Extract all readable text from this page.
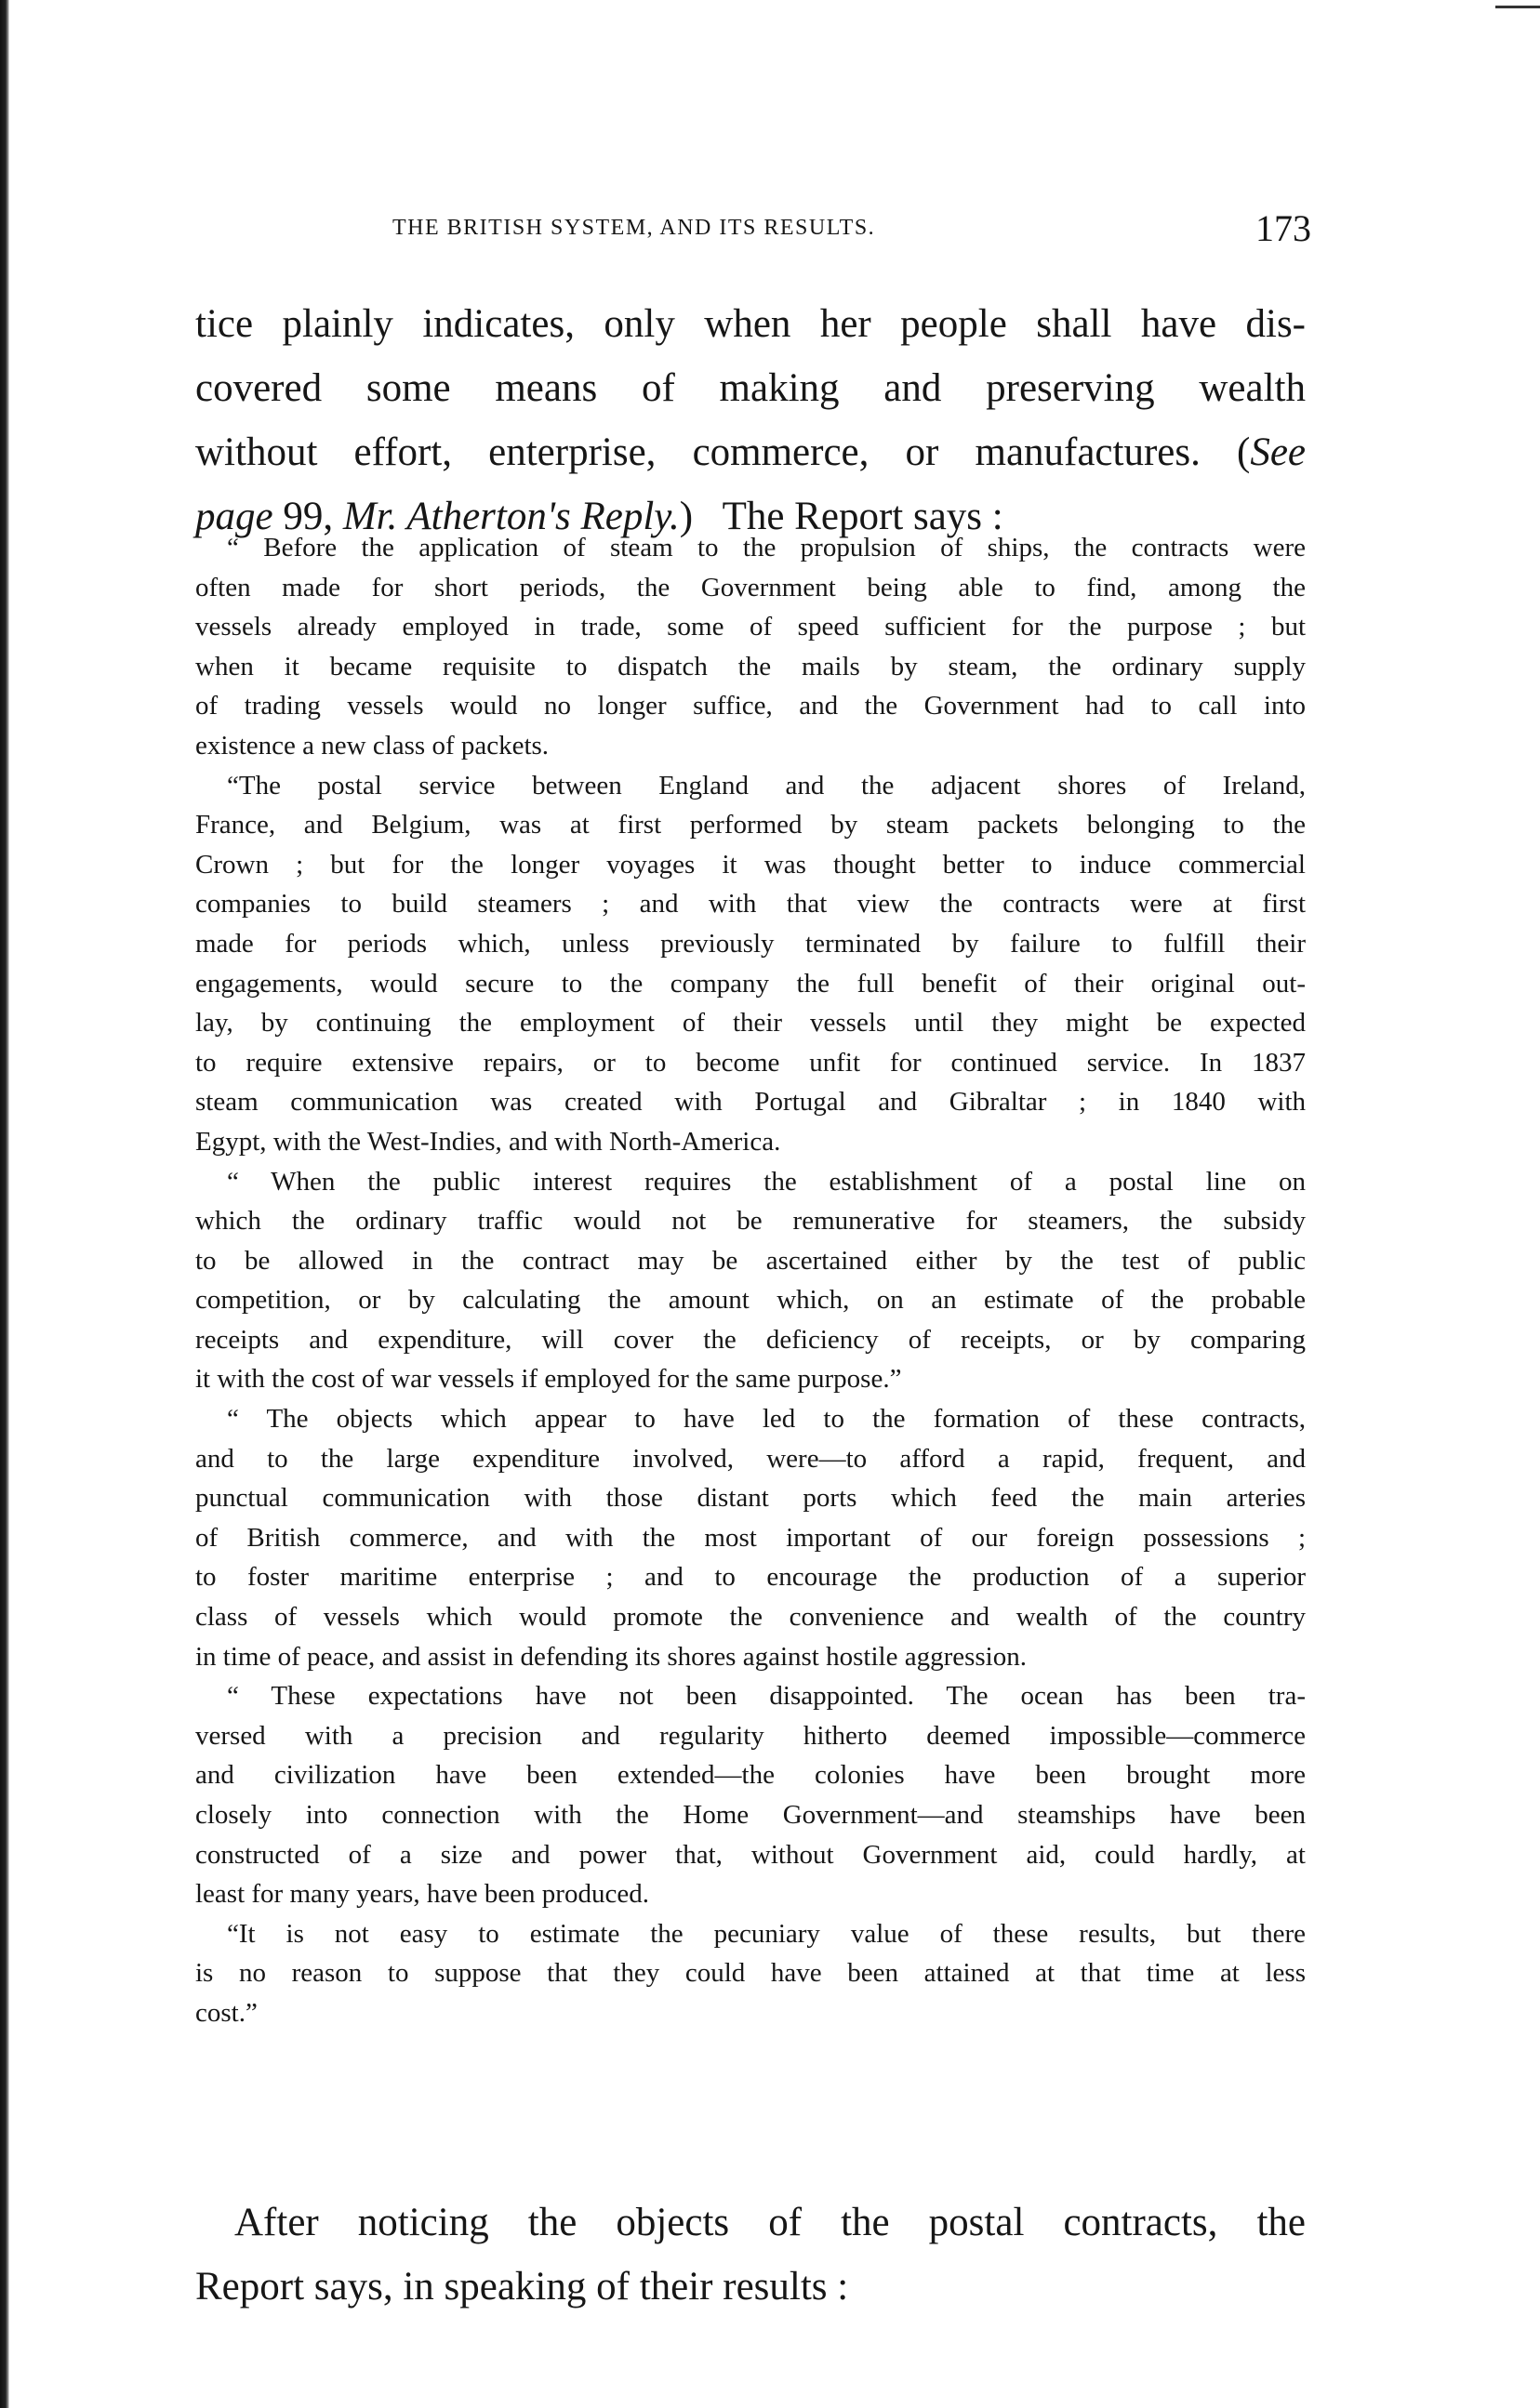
THE BRITISH SYSTEM, AND ITS RESULTS.	173
tice plainly indicates, only when her people shall have dis-
covered some means of making and preserving wealth
without effort, enterprise, commerce, or manufactures. (See
page 99, Mr. Atherton's Reply.)   The Report says :
“ Before the application of steam to the propulsion of ships, the contracts were
often made for short periods, the Government being able to find, among the
vessels already employed in trade, some of speed sufficient for the purpose ; but
when it became requisite to dispatch the mails by steam, the ordinary supply
of trading vessels would no longer suffice, and the Government had to call into
existence a new class of packets.
“The postal service between England and the adjacent shores of Ireland,
France, and Belgium, was at first performed by steam packets belonging to the
Crown ; but for the longer voyages it was thought better to induce commercial
companies to build steamers ; and with that view the contracts were at first
made for periods which, unless previously terminated by failure to fulfill their
engagements, would secure to the company the full benefit of their original out-
lay, by continuing the employment of their vessels until they might be expected
to require extensive repairs, or to become unfit for continued service. In 1837
steam communication was created with Portugal and Gibraltar ; in 1840 with
Egypt, with the West-Indies, and with North-America.
“ When the public interest requires the establishment of a postal line on
which the ordinary traffic would not be remunerative for steamers, the subsidy
to be allowed in the contract may be ascertained either by the test of public
competition, or by calculating the amount which, on an estimate of the probable
receipts and expenditure, will cover the deficiency of receipts, or by comparing
it with the cost of war vessels if employed for the same purpose.”
“ The objects which appear to have led to the formation of these contracts,
and to the large expenditure involved, were—to afford a rapid, frequent, and
punctual communication with those distant ports which feed the main arteries
of British commerce, and with the most important of our foreign possessions ;
to foster maritime enterprise ; and to encourage the production of a superior
class of vessels which would promote the convenience and wealth of the country
in time of peace, and assist in defending its shores against hostile aggression.
“ These expectations have not been disappointed. The ocean has been tra-
versed with a precision and regularity hitherto deemed impossible—commerce
and civilization have been extended—the colonies have been brought more
closely into connection with the Home Government—and steamships have been
constructed of a size and power that, without Government aid, could hardly, at
least for many years, have been produced.
“It is not easy to estimate the pecuniary value of these results, but there
is no reason to suppose that they could have been attained at that time at less
cost.”
After noticing the objects of the postal contracts, the
Report says, in speaking of their results :
